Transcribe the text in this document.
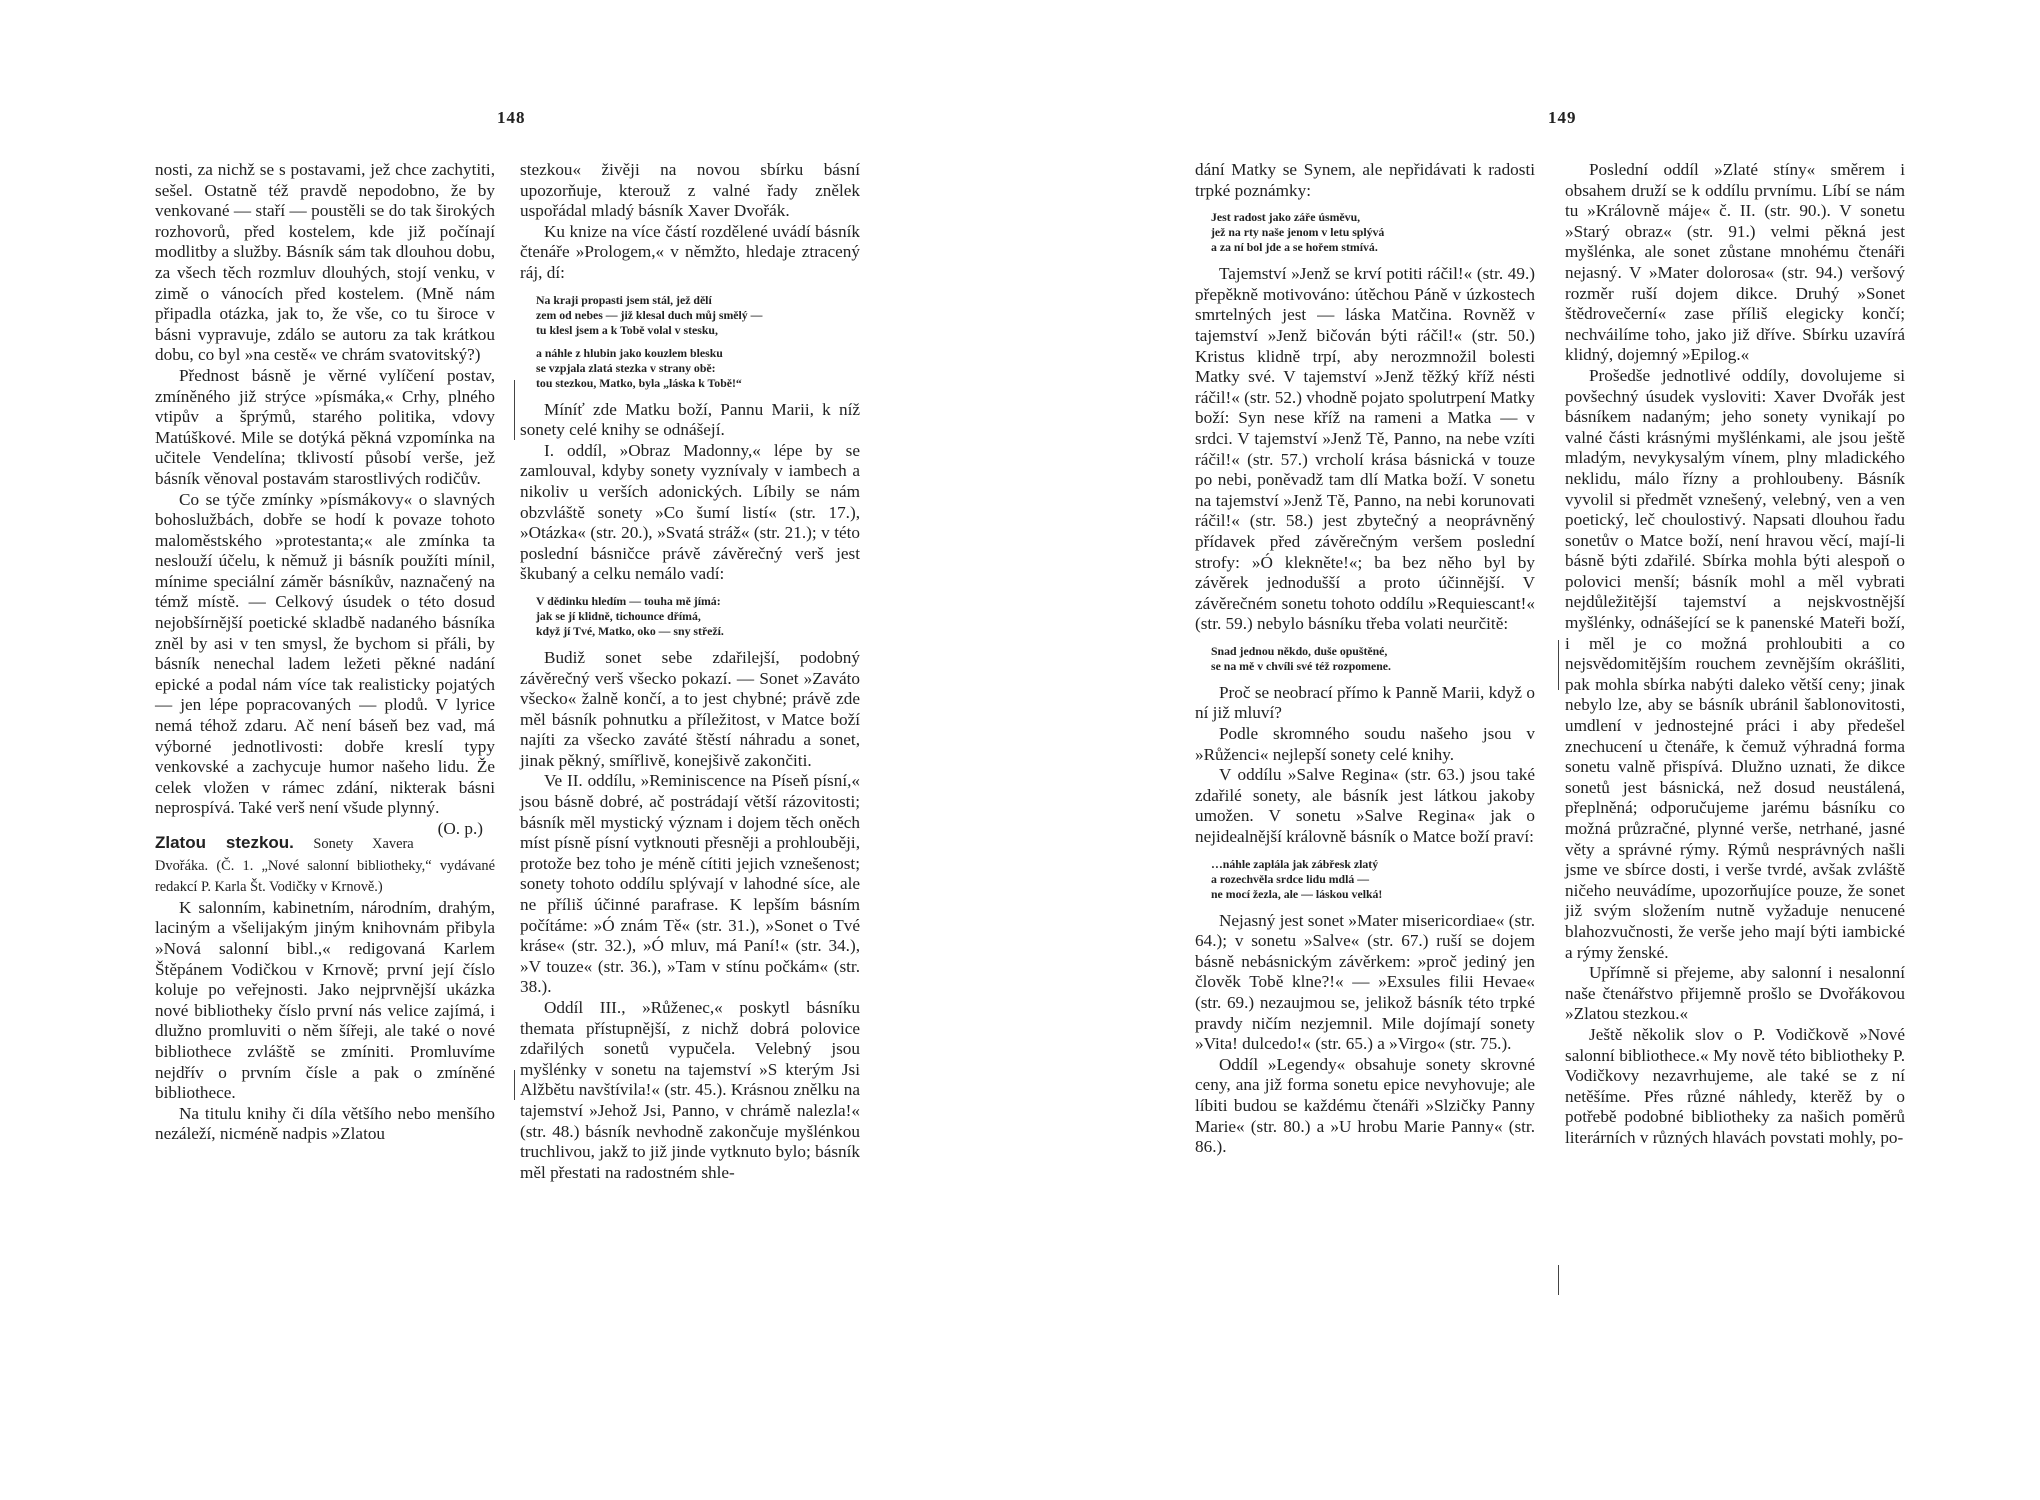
148

nosti, za nichž se s postavami, jež chce zachytiti, sešel. Ostatně též pravdě nepodobno, že by venkované — staří — poustěli se do tak širokých rozhovorů, před kostelem, kde již počínají modlitby a služby. Básník sám tak dlouhou dobu, za všech těch rozmluv dlouhých, stojí venku, v zimě o vánocích před kostelem. (Mně nám připadla otázka, jak to, že vše, co tu široce v básni vypravuje, zdálo se autoru za tak krátkou dobu, co byl »na cestě« ve chrám svatovitský?)

Přednost básně je věrné vylíčení postav, zmíněného již strýce »písmáka,« Crhy, plného vtipův a šprýmů, starého politika, vdovy Matúškové. Mile se dotýká pěkná vzpomínka na učitele Vendelína; tklivostí působí verše, jež básník věnoval postavám starostlivých rodičův.

Co se týče zmínky »písmákovy« o slavných bohoslužbách, dobře se hodí k povaze tohoto maloměstského »protestanta;« ale zmínka ta neslouží účelu, k němuž ji básník použíti mínil, mínime speciální záměr básníkův, naznačený na témž místě. — Celkový úsudek o této dosud nejobšírnější poetické skladbě nadaného básníka zněl by asi v ten smysl, že bychom si přáli, by básník nenechal ladem ležeti pěkné nadání epické a podal nám více tak realisticky pojatých — jen lépe popracovaných — plodů. V lyrice nemá téhož zdaru. Ač není báseň bez vad, má výborné jednotlivosti: dobře kreslí typy venkovské a zachycuje humor našeho lidu. Že celek vložen v rámec zdání, nikterak básni neprospívá. Také verš není všude plynný.
(O. p.)

Zlatou stezkou. Sonety Xavera Dvořáka. (Č. 1. „Nové salonní bibliotheky,“ vydávané redakcí P. Karla Št. Vodičky v Krnově.)

K salonním, kabinetním, národním, drahým, laciným a všelijakým jiným knihovnám přibyla »Nová salonní bibl.,« redigovaná Karlem Štěpánem Vodičkou v Krnově; první její číslo koluje po veřejnosti. Jako nejprvnější ukázka nové bibliotheky číslo první nás velice zajímá, i dlužno promluviti o něm šířeji, ale také o nové bibliothece zvláště se zmíniti. Promluvíme nejdřív o prvním čísle a pak o zmíněné bibliothece.

Na titulu knihy či díla většího nebo menšího nezáleží, nicméně nadpis »Zlatou

stezkou« živěji na novou sbírku básní upozorňuje, kterouž z valné řady znělek uspořádal mladý básník Xaver Dvořák.

Ku knize na více částí rozdělené uvádí básník čtenáře »Prologem,« v němžto, hledaje ztracený ráj, dí:

Na kraji propasti jsem stál, jež dělí
zem od nebes — již klesal duch můj smělý —
tu klesl jsem a k Tobě volal v stesku,
a náhle z hlubin jako kouzlem blesku
se vzpjala zlatá stezka v strany obě:
tou stezkou, Matko, byla „láska k Tobě!“

Míníť zde Matku boží, Pannu Marii, k níž sonety celé knihy se odnášejí.

I. oddíl, »Obraz Madonny,« lépe by se zamlouval, kdyby sonety vyznívaly v iambech a nikoliv u verších adonických. Líbily se nám obzvláště sonety »Co šumí listí« (str. 17.), »Otázka« (str. 20.), »Svatá stráž« (str. 21.); v této poslední básničce právě závěrečný verš jest škubaný a celku nemálo vadí:

V dědinku hledím — touha mě jímá:
jak se jí klidně, tichounce dřímá,
když jí Tvé, Matko, oko — sny střeží.

Budiž sonet sebe zdařilejší, podobný závěrečný verš všecko pokazí. — Sonet »Zaváto všecko« žalně končí, a to jest chybné; právě zde měl básník pohnutku a příležitost, v Matce boží najíti za všecko zaváté štěstí náhradu a sonet, jinak pěkný, smířlivě, konejšivě zakončiti.

Ve II. oddílu, »Reminiscence na Píseň písní,« jsou básně dobré, ač postrádají větší rázovitosti; básník měl mystický význam i dojem těch oněch míst písně písní vytknouti přesněji a prohlouběji, protože bez toho je méně cítiti jejich vznešenost; sonety tohoto oddílu splývají v lahodné síce, ale ne příliš účinné parafrase. K lepším básním počítáme: »Ó znám Tě« (str. 31.), »Sonet o Tvé kráse« (str. 32.), »Ó mluv, má Paní!« (str. 34.), »V touze« (str. 36.), »Tam v stínu počkám« (str. 38.).

Oddíl III., »Růženec,« poskytl básníku themata přístupnější, z nichž dobrá polovice zdařilých sonetů vypučela. Velebný jsou myšlénky v sonetu na tajemství »S kterým Jsi Alžbětu navštívila!« (str. 45.). Krásnou znělku na tajemství »Jehož Jsi, Panno, v chrámě nalezla!« (str. 48.) básník nevhodně zakončuje myšlénkou truchlivou, jakž to již jinde vytknuto bylo; básník měl přestati na radostném shle-

149

dání Matky se Synem, ale nepřidávati k radosti trpké poznámky:

Jest radost jako záře úsměvu,
jež na rty naše jenom v letu splývá
a za ní bol jde a se hořem stmívá.

Tajemství »Jenž se krví potiti ráčil!« (str. 49.) přepěkně motivováno: útěchou Páně v úzkostech smrtelných jest — láska Matčina. Rovněž v tajemství »Jenž bičován býti ráčil!« (str. 50.) Kristus klidně trpí, aby nerozmnožil bolesti Matky své. V tajemství »Jenž těžký kříž nésti ráčil!« (str. 52.) vhodně pojato spolutrpení Matky boží: Syn nese kříž na rameni a Matka — v srdci. V tajemství »Jenž Tě, Panno, na nebe vzíti ráčil!« (str. 57.) vrcholí krása básnická v touze po nebi, poněvadž tam dlí Matka boží. V sonetu na tajemství »Jenž Tě, Panno, na nebi korunovati ráčil!« (str. 58.) jest zbytečný a neoprávněný přídavek před závěrečným veršem poslední strofy: »Ó klekněte!«; ba bez něho byl by závěrek jednodušší a proto účinnější. V závěrečném sonetu tohoto oddílu »Requiescant!« (str. 59.) nebylo básníku třeba volati neurčitě:

Snad jednou někdo, duše opuštěné,
se na mě v chvíli své též rozpomene.

Proč se neobrací přímo k Panně Marii, když o ní již mluví?

Podle skromného soudu našeho jsou v »Růženci« nejlepší sonety celé knihy.

V oddílu »Salve Regina« (str. 63.) jsou také zdařilé sonety, ale básník jest látkou jakoby umožen. V sonetu »Salve Regina« jak o nejidealnější královně básník o Matce boží praví:

…náhle zaplála jak zábřesk zlatý
a rozechvěla srdce lidu mdlá —
ne mocí žezla, ale — láskou velká!

Nejasný jest sonet »Mater misericordiae« (str. 64.); v sonetu »Salve« (str. 67.) ruší se dojem básně nebásnickým závěrkem: »proč jediný jen člověk Tobě klne?!« — »Exsules filii Hevae« (str. 69.) nezaujmou se, jelikož básník této trpké pravdy ničím nezjemnil. Mile dojímají sonety »Vita! dulcedo!« (str. 65.) a »Virgo« (str. 75.).

Oddíl »Legendy« obsahuje sonety skrovné ceny, ana již forma sonetu epice nevyhovuje; ale líbiti budou se každému čtenáři »Slzičky Panny Marie« (str. 80.) a »U hrobu Marie Panny« (str. 86.).

Poslední oddíl »Zlaté stíny« směrem i obsahem druží se k oddílu prvnímu. Líbí se nám tu »Královně máje« č. II. (str. 90.). V sonetu »Starý obraz« (str. 91.) velmi pěkná jest myšlénka, ale sonet zůstane mnohému čtenáři nejasný. V »Mater dolorosa« (str. 94.) veršový rozměr ruší dojem dikce. Druhý »Sonet štědrovečerní« zase příliš elegicky končí; nechváilíme toho, jako již dříve. Sbírku uzavírá klidný, dojemný »Epilog.«

Prošedše jednotlivé oddíly, dovolujeme si povšechný úsudek vysloviti: Xaver Dvořák jest básníkem nadaným; jeho sonety vynikají po valné části krásnými myšlénkami, ale jsou ještě mladým, nevykysalým vínem, plny mladického neklidu, málo řízny a prohloubeny. Básník vyvolil si předmět vznešený, velebný, ven a ven poetický, leč choulostivý. Napsati dlouhou řadu sonetův o Matce boží, není hravou věcí, mají-li básně býti zdařilé. Sbírka mohla býti alespoň o polovici menší; básník mohl a měl vybrati nejdůležitější tajemství a nejskvostnější myšlénky, odnášející se k panenské Mateři boží, i měl je co možná prohloubiti a co nejsvědomitějším rouchem zevnějším okrášliti, pak mohla sbírka nabýti daleko větší ceny; jinak nebylo lze, aby se básník ubránil šablonovitosti, umdlení v jednostejné práci i aby předešel znechucení u čtenáře, k čemuž výhradná forma sonetu valně přispívá. Dlužno uznati, že dikce sonetů jest básnická, než dosud neustálená, přeplněná; odporučujeme jarému básníku co možná průzračné, plynné verše, netrhané, jasné věty a správné rýmy. Rýmů nesprávných našli jsme ve sbírce dosti, i verše tvrdé, avšak zvláště ničeho neuvádíme, upozorňujíce pouze, že sonet již svým složením nutně vyžaduje nenucené blahozvučnosti, že verše jeho mají býti iambické a rýmy ženské.

Upřímně si přejeme, aby salonní i nesalonní naše čtenářstvo přijemně prošlo se Dvořákovou »Zlatou stezkou.«

Ještě několik slov o P. Vodičkově »Nové salonní bibliothece.« My nově této bibliotheky P. Vodičkovy nezavrhujeme, ale také se z ní netěšíme. Přes různé náhledy, kterěž by o potřebě podobné bibliotheky za našich poměrů literárních v různých hlavách povstati mohly, po-
